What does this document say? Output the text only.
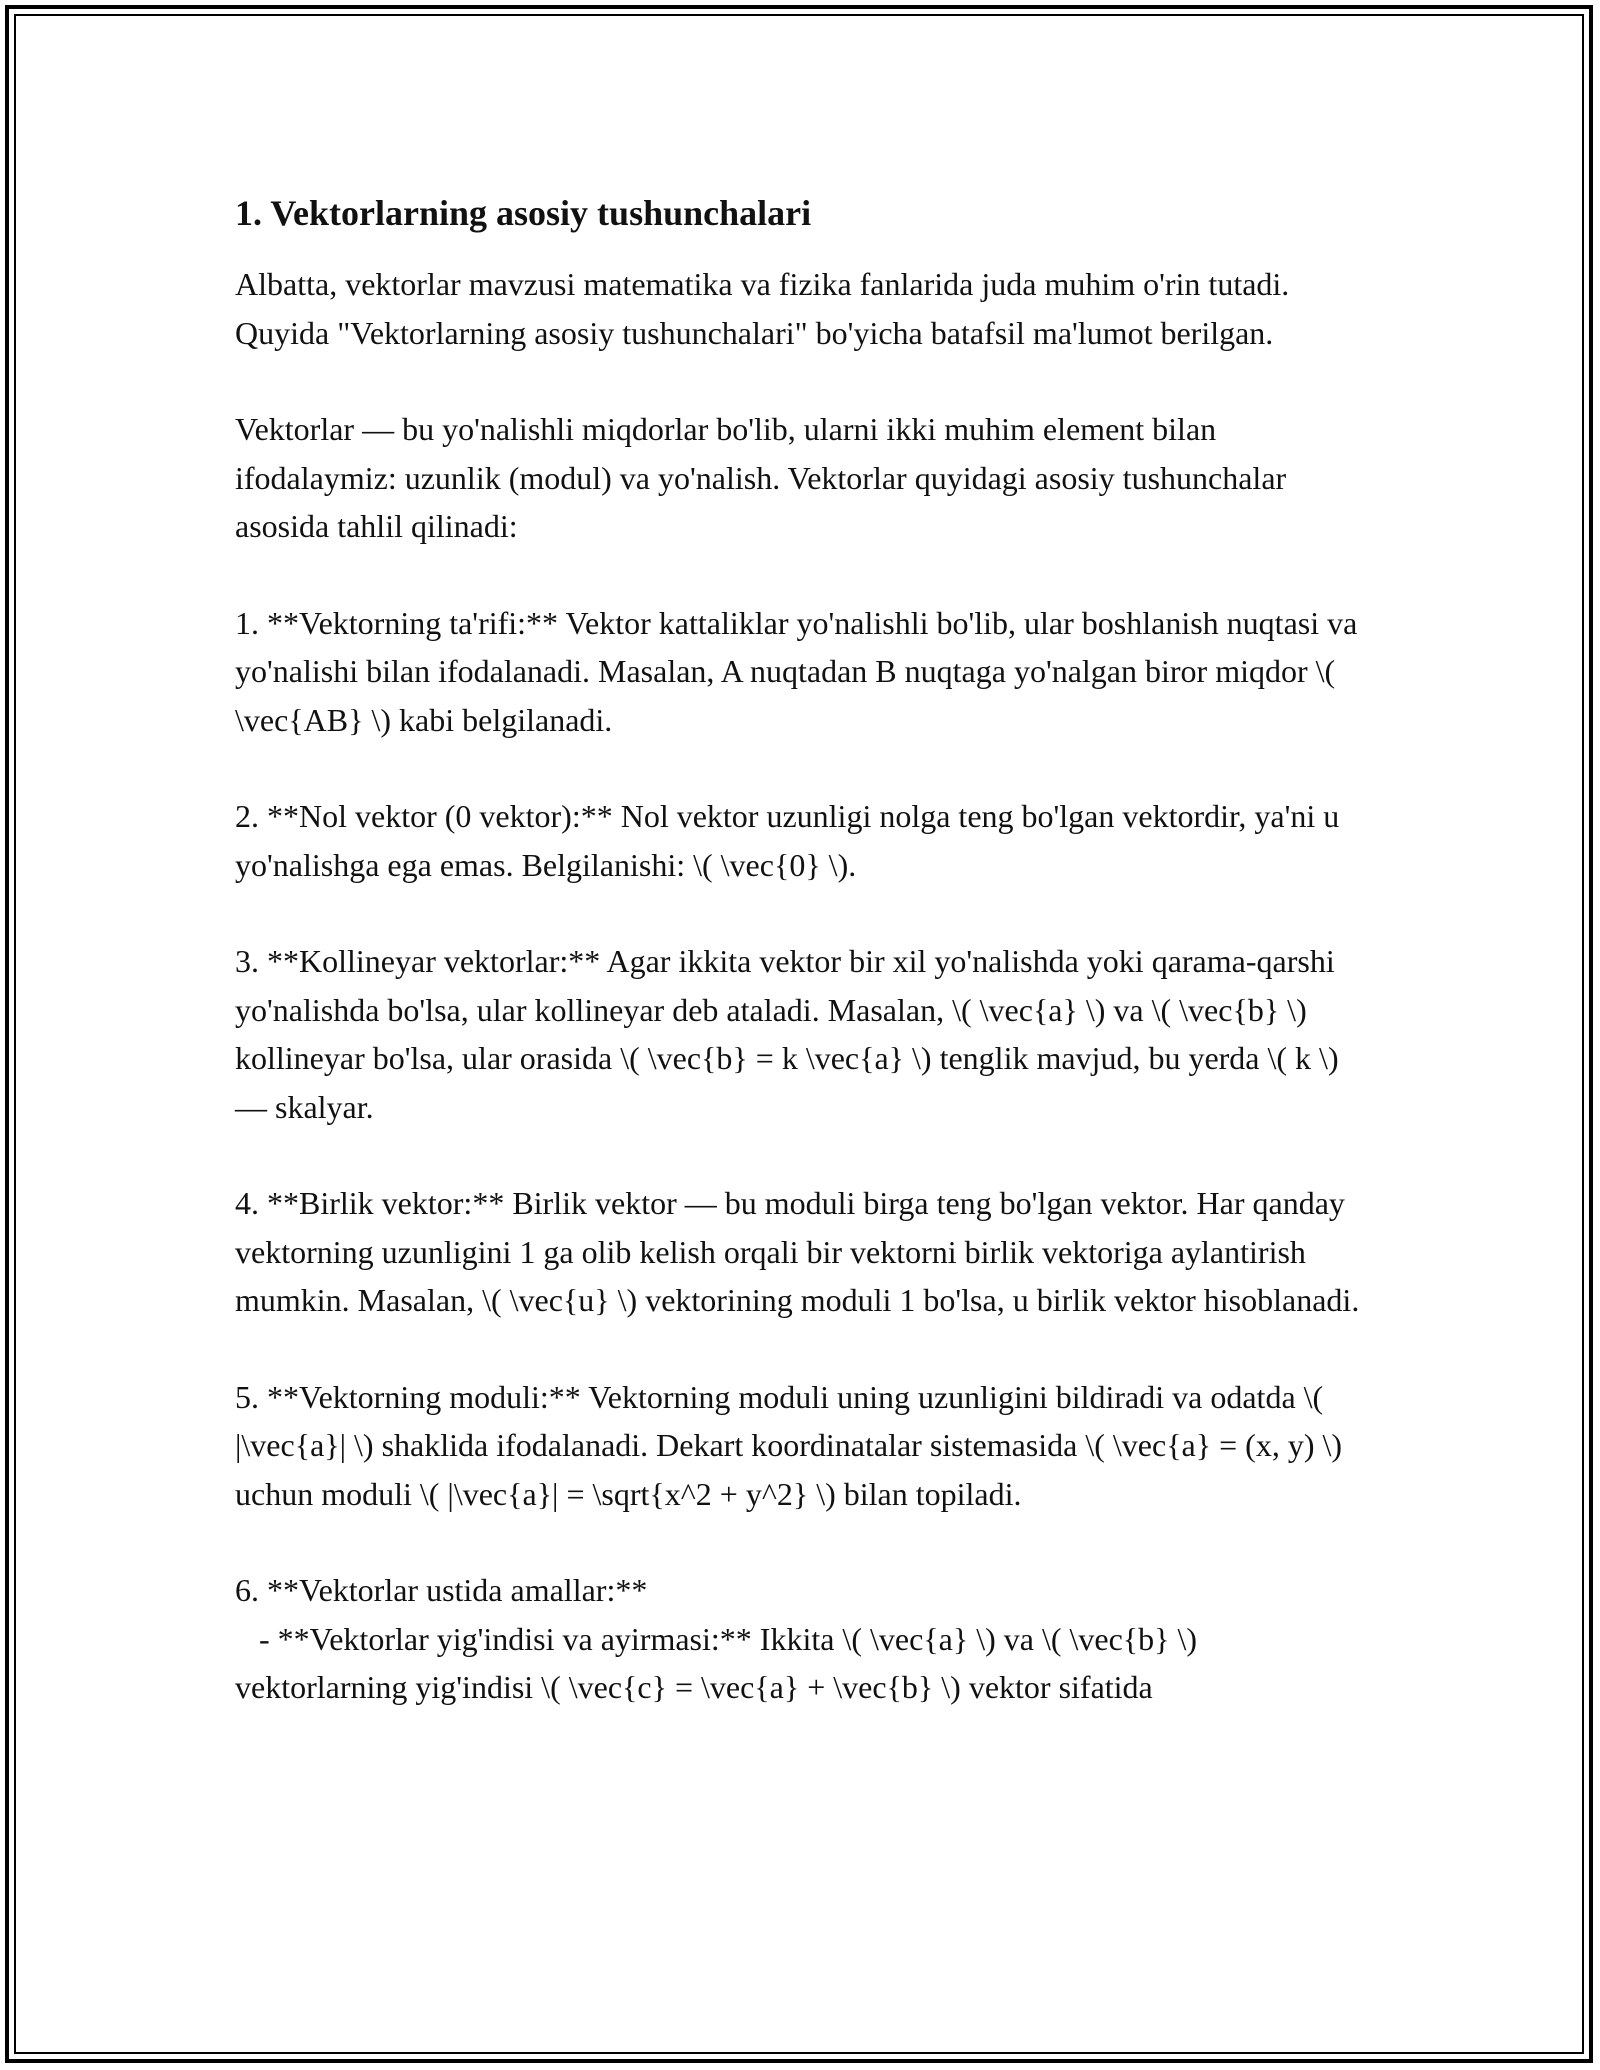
1. Vektorlarning asosiy tushunchalari

Albatta, vektorlar mavzusi matematika va fizika fanlarida juda muhim o'rin tutadi. Quyida "Vektorlarning asosiy tushunchalari" bo'yicha batafsil ma'lumot berilgan.

Vektorlar — bu yo'nalishli miqdorlar bo'lib, ularni ikki muhim element bilan ifodalaymiz: uzunlik (modul) va yo'nalish. Vektorlar quyidagi asosiy tushunchalar asosida tahlil qilinadi:

1. **Vektorning ta'rifi:** Vektor kattaliklar yo'nalishli bo'lib, ular boshlanish nuqtasi va yo'nalishi bilan ifodalanadi. Masalan, A nuqtadan B nuqtaga yo'nalgan biror miqdor \( \vec{AB} \) kabi belgilanadi.

2. **Nol vektor (0 vektor):** Nol vektor uzunligi nolga teng bo'lgan vektordir, ya'ni u yo'nalishga ega emas. Belgilanishi: \( \vec{0} \).

3. **Kollineyar vektorlar:** Agar ikkita vektor bir xil yo'nalishda yoki qarama-qarshi yo'nalishda bo'lsa, ular kollineyar deb ataladi. Masalan, \( \vec{a} \) va \( \vec{b} \) kollineyar bo'lsa, ular orasida \( \vec{b} = k \vec{a} \) tenglik mavjud, bu yerda \( k \) — skalyar.

4. **Birlik vektor:** Birlik vektor — bu moduli birga teng bo'lgan vektor. Har qanday vektorning uzunligini 1 ga olib kelish orqali bir vektorni birlik vektoriga aylantirish mumkin. Masalan, \( \vec{u} \) vektorining moduli 1 bo'lsa, u birlik vektor hisoblanadi.

5. **Vektorning moduli:** Vektorning moduli uning uzunligini bildiradi va odatda \( |\vec{a}| \) shaklida ifodalanadi. Dekart koordinatalar sistemasida \( \vec{a} = (x, y) \) uchun moduli \( |\vec{a}| = \sqrt{x^2 + y^2} \) bilan topiladi.

6. **Vektorlar ustida amallar:**
- **Vektorlar yig'indisi va ayirmasi:** Ikkita \( \vec{a} \) va \( \vec{b} \) vektorlarning yig'indisi \( \vec{c} = \vec{a} + \vec{b} \) vektor sifatida
